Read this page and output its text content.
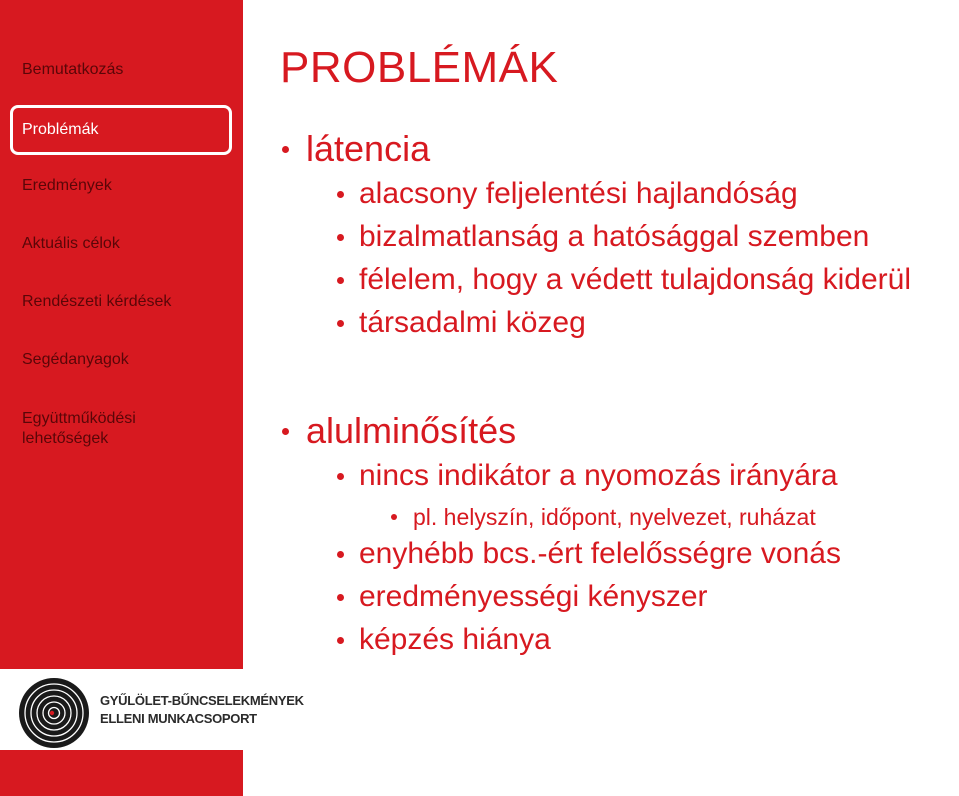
Bemutatkozás
Problémák
Eredmények
Aktuális célok
Rendészeti kérdések
Segédanyagok
Együttműködési lehetőségek
GYŰLÖLET-BŰNCSELEKMÉNYEK
ELLENI MUNKACSOPORT
PROBLÉMÁK
látencia
alacsony feljelentési hajlandóság
bizalmatlanság a hatósággal szemben
félelem, hogy a védett tulajdonság kiderül
társadalmi közeg
alulminősítés
nincs indikátor a nyomozás irányára
pl. helyszín, időpont, nyelvezet, ruházat
enyhébb bcs.-ért felelősségre vonás
eredményességi kényszer
képzés hiánya
